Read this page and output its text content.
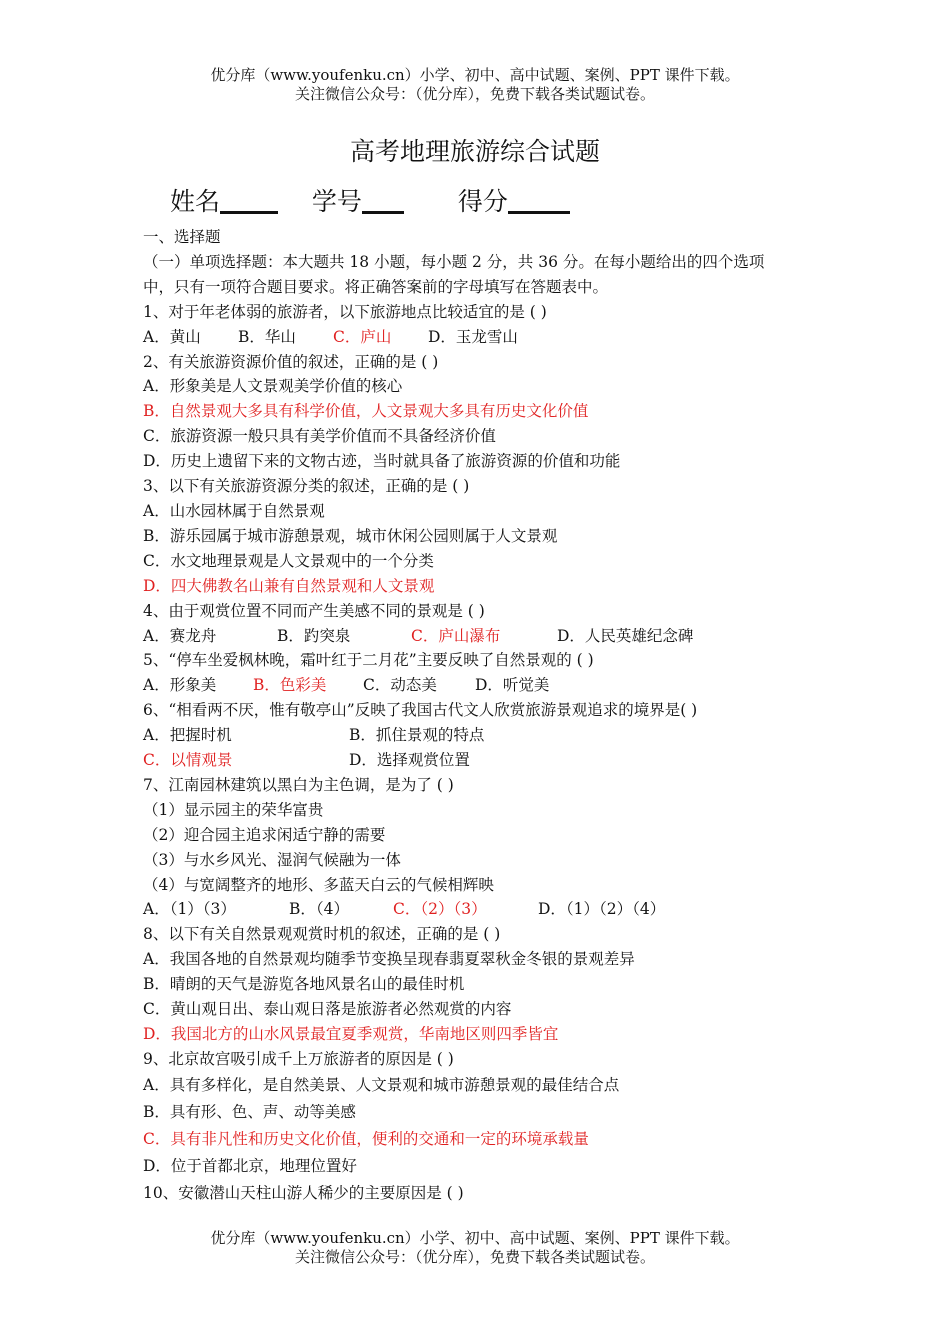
优分库（www.youfenku.cn）小学、初中、高中试题、案例、PPT 课件下载。
关注微信公众号：（优分库），免费下载各类试题试卷。
高考地理旅游综合试题
姓名	学号	得分
一、选择题
（一）单项选择题：本大题共 18 小题，每小题 2 分，共 36 分。在每小题给出的四个选项
中，只有一项符合题目要求。将正确答案前的字母填写在答题表中。
1、对于年老体弱的旅游者，以下旅游地点比较适宜的是 ( )
A．黄山 B．华山 C．庐山 D．玉龙雪山
2、有关旅游资源价值的叙述，正确的是 ( )
A．形象美是人文景观美学价值的核心
B．自然景观大多具有科学价值，人文景观大多具有历史文化价值
C．旅游资源一般只具有美学价值而不具备经济价值
D．历史上遗留下来的文物古迹，当时就具备了旅游资源的价值和功能
3、以下有关旅游资源分类的叙述，正确的是 ( )
A．山水园林属于自然景观
B．游乐园属于城市游憩景观，城市休闲公园则属于人文景观
C．水文地理景观是人文景观中的一个分类
D．四大佛教名山兼有自然景观和人文景观
4、由于观赏位置不同而产生美感不同的景观是 ( )
A．赛龙舟	B．趵突泉	C．庐山瀑布	D．人民英雄纪念碑
5、“停车坐爱枫林晚，霜叶红于二月花”主要反映了自然景观的 ( )
A．形象美 B．色彩美 C．动态美 D．听觉美
6、“相看两不厌，惟有敬亭山”反映了我国古代文人欣赏旅游景观追求的境界是( )
A．把握时机	B．抓住景观的特点
C．以情观景	D．选择观赏位置
7、江南园林建筑以黑白为主色调，是为了 ( )
（1）显示园主的荣华富贵
（2）迎合园主追求闲适宁静的需要
（3）与水乡风光、湿润气候融为一体
（4）与宽阔整齐的地形、多蓝天白云的气候相辉映
A．（1）（3）	B．（4）	C．（2）（3）	D．（1）（2）（4）
8、以下有关自然景观观赏时机的叙述，正确的是 ( )
A．我国各地的自然景观均随季节变换呈现春翡夏翠秋金冬银的景观差异
B．晴朗的天气是游览各地风景名山的最佳时机
C．黄山观日出、泰山观日落是旅游者必然观赏的内容
D．我国北方的山水风景最宜夏季观赏，华南地区则四季皆宜
9、北京故宫吸引成千上万旅游者的原因是 ( )
A．具有多样化，是自然美景、人文景观和城市游憩景观的最佳结合点
B．具有形、色、声、动等美感
C．具有非凡性和历史文化价值，便利的交通和一定的环境承载量
D．位于首都北京，地理位置好
10、安徽潜山天柱山游人稀少的主要原因是 ( )
优分库（www.youfenku.cn）小学、初中、高中试题、案例、PPT 课件下载。
关注微信公众号：（优分库），免费下载各类试题试卷。
